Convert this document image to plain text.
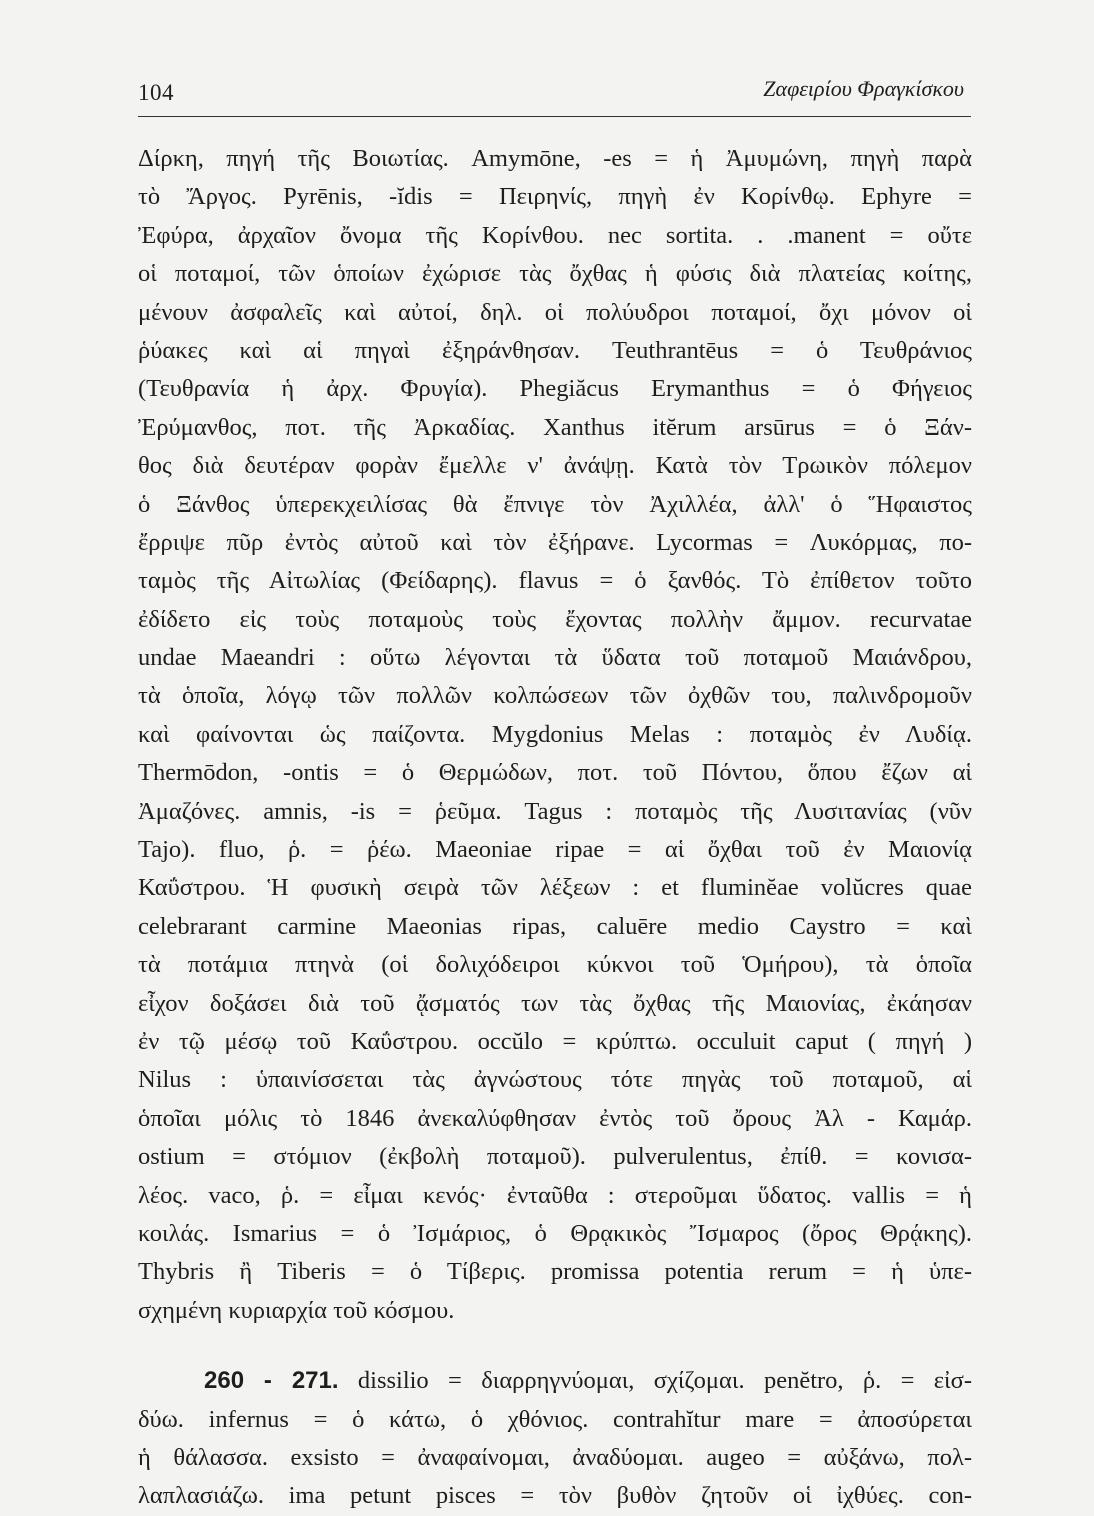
104	Ζαφειρίου Φραγκίσκου
Δίρκη, πηγή τῆς Βοιωτίας. Amymōne, -es = ἡ Ἀμυμώνη, πηγὴ παρὰ
τὸ Ἄργος. Pyrēnis, -ĭdis = Πειρηνίς, πηγὴ ἐν Κορίνθῳ. Ephyre =
Ἐφύρα, ἀρχαῖον ὄνομα τῆς Κορίνθου. nec sortita. . .manent = οὔτε
οἱ ποταμοί, τῶν ὁποίων ἐχώρισε τὰς ὄχθας ἡ φύσις διὰ πλατείας κοίτης,
μένουν ἀσφαλεῖς καὶ αὐτοί, δηλ. οἱ πολύυδροι ποταμοί, ὄχι μόνον οἱ
ῥύακες καὶ αἱ πηγαὶ ἐξηράνθησαν. Teuthrantēus = ὁ Τευθράνιος
(Τευθρανία ἡ ἀρχ. Φρυγία). Phegiăcus Erymanthus = ὁ Φήγειος
Ἐρύμανθος, ποτ. τῆς Ἀρκαδίας. Xanthus itĕrum arsūrus = ὁ Ξάν-
θος διὰ δευτέραν φορὰν ἔμελλε ν' ἀνάψῃ. Κατὰ τὸν Τρωικὸν πόλεμον
ὁ Ξάνθος ὑπερεκχειλίσας θὰ ἔπνιγε τὸν Ἀχιλλέα, ἀλλ' ὁ Ἥφαιστος
ἔρριψε πῦρ ἐντὸς αὐτοῦ καὶ τὸν ἐξήρανε. Lycormas = Λυκόρμας, πο-
ταμὸς τῆς Αἰτωλίας (Φείδαρης). flavus = ὁ ξανθός. Τὸ ἐπίθετον τοῦτο
ἐδίδετο εἰς τοὺς ποταμοὺς τοὺς ἔχοντας πολλὴν ἄμμον. recurvatae
undae Maeandri : οὕτω λέγονται τὰ ὕδατα τοῦ ποταμοῦ Μαιάνδρου,
τὰ ὁποῖα, λόγῳ τῶν πολλῶν κολπώσεων τῶν ὀχθῶν του, παλινδρομοῦν
καὶ φαίνονται ὡς παίζοντα. Mygdonius Melas : ποταμὸς ἐν Λυδίᾳ.
Thermōdon, -ontis = ὁ Θερμώδων, ποτ. τοῦ Πόντου, ὅπου ἔζων αἱ
Ἀμαζόνες. amnis, -is = ῥεῦμα. Tagus : ποταμὸς τῆς Λυσιτανίας (νῦν
Tajo). fluo, ῥ. = ῥέω. Maeoniae ripae = αἱ ὄχθαι τοῦ ἐν Μαιονίᾳ
Καΰστρου. Ἡ φυσικὴ σειρὰ τῶν λέξεων : et fluminĕae volŭcres quae
celebrarant carmine Maeonias ripas, caluēre medio Caystro = καὶ
τὰ ποτάμια πτηνὰ (οἱ δολιχόδειροι κύκνοι τοῦ Ὁμήρου), τὰ ὁποῖα
εἶχον δοξάσει διὰ τοῦ ᾄσματός των τὰς ὄχθας τῆς Μαιονίας, ἐκάησαν
ἐν τῷ μέσῳ τοῦ Καΰστρου. occŭlo = κρύπτω. occuluit caput ( πηγή )
Nilus : ὑπαινίσσεται τὰς ἀγνώστους τότε πηγὰς τοῦ ποταμοῦ, αἱ
ὁποῖαι μόλις τὸ 1846 ἀνεκαλύφθησαν ἐντὸς τοῦ ὄρους Ἀλ - Καμάρ.
ostium = στόμιον (ἐκβολὴ ποταμοῦ). pulverulentus, ἐπίθ. = κονισα-
λέος. vaco, ῥ. = εἶμαι κενός· ἐνταῦθα : στεροῦμαι ὕδατος. vallis = ἡ
κοιλάς. Ismarius = ὁ Ἰσμάριος, ὁ Θρᾳκικὸς Ἴσμαρος (ὄρος Θρᾴκης).
Thybris ἢ Tiberis = ὁ Τίβερις. promissa potentia rerum = ἡ ὑπε-
σχημένη κυριαρχία τοῦ κόσμου.
260 - 271. dissilio = διαρρηγνύομαι, σχίζομαι. penĕtro, ῥ. = εἰσ-
δύω. infernus = ὁ κάτω, ὁ χθόνιος. contrahĭtur mare = ἀποσύρεται
ἡ θάλασσα. exsisto = ἀναφαίνομαι, ἀναδύομαι. augeo = αὐξάνω, πολ-
λαπλασιάζω. ima petunt pisces = τὸν βυθὸν ζητοῦν οἱ ἰχθύες. con-
